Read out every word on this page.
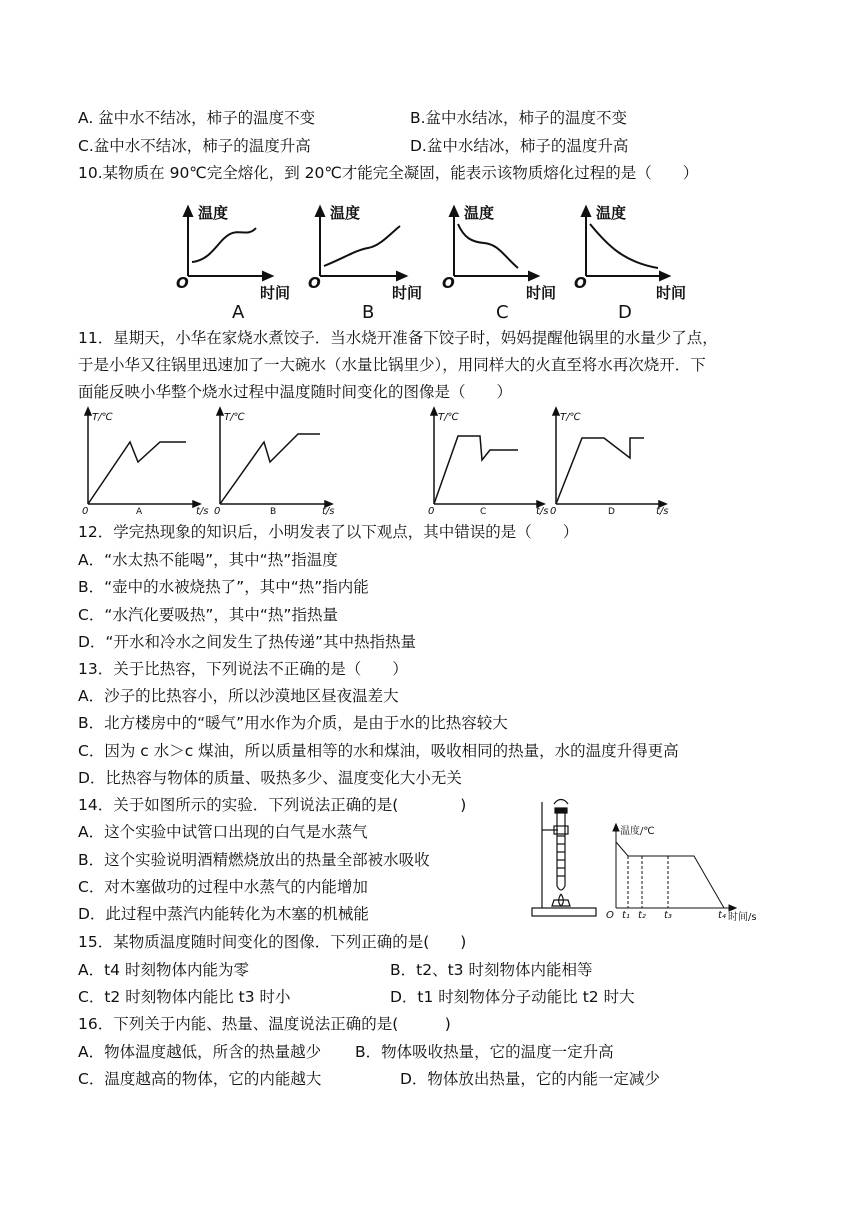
A. 盆中水不结冰，柿子的温度不变	B.盆中水结冰，柿子的温度不变
C.盆中水不结冰，柿子的温度升高	D.盆中水结冰，柿子的温度升高
10.某物质在 90℃完全熔化，到 20℃才能完全凝固，能表示该物质熔化过程的是（　　）
温度	温度	温度	温度
时间	时间	时间	时间
O	O	O	O
A	B	C	D
11．星期天，小华在家烧水煮饺子．当水烧开准备下饺子时，妈妈提醒他锅里的水量少了点，
于是小华又往锅里迅速加了一大碗水（水量比锅里少），用同样大的火直至将水再次烧开．下
面能反映小华整个烧水过程中温度随时间变化的图像是（　　）
T/℃	T/℃	T/℃	T/℃
t/s	t/s	t/s	t/s
0	0	0	0
A	B	C	D
12．学完热现象的知识后，小明发表了以下观点，其中错误的是（　　）
A．“水太热不能喝”，其中“热”指温度
B．“壶中的水被烧热了”，其中“热”指内能
C．“水汽化要吸热”，其中“热”指热量
D．“开水和冷水之间发生了热传递”其中热指热量
13．关于比热容，下列说法不正确的是（　　）
A．沙子的比热容小，所以沙漠地区昼夜温差大
B．北方楼房中的“暖气”用水作为介质，是由于水的比热容较大
C．因为 c 水＞c 煤油，所以质量相等的水和煤油，吸收相同的热量，水的温度升得更高
D．比热容与物体的质量、吸热多少、温度变化大小无关
14．关于如图所示的实验．下列说法正确的是(　　　　)
A．这个实验中试管口出现的白气是水蒸气
B．这个实验说明酒精燃烧放出的热量全部被水吸收
C．对木塞做功的过程中水蒸气的内能增加
D．此过程中蒸汽内能转化为木塞的机械能
温度/℃
时间/s
O t₁ t₂ t₃	t₄
15．某物质温度随时间变化的图像．下列正确的是(　　)
A．t4 时刻物体内能为零	B．t2、t3 时刻物体内能相等
C．t2 时刻物体内能比 t3 时小	D．t1 时刻物体分子动能比 t2 时大
16．下列关于内能、热量、温度说法正确的是(　　　)
A．物体温度越低，所含的热量越少 B．物体吸收热量，它的温度一定升高
C．温度越高的物体，它的内能越大	D．物体放出热量，它的内能一定减少
